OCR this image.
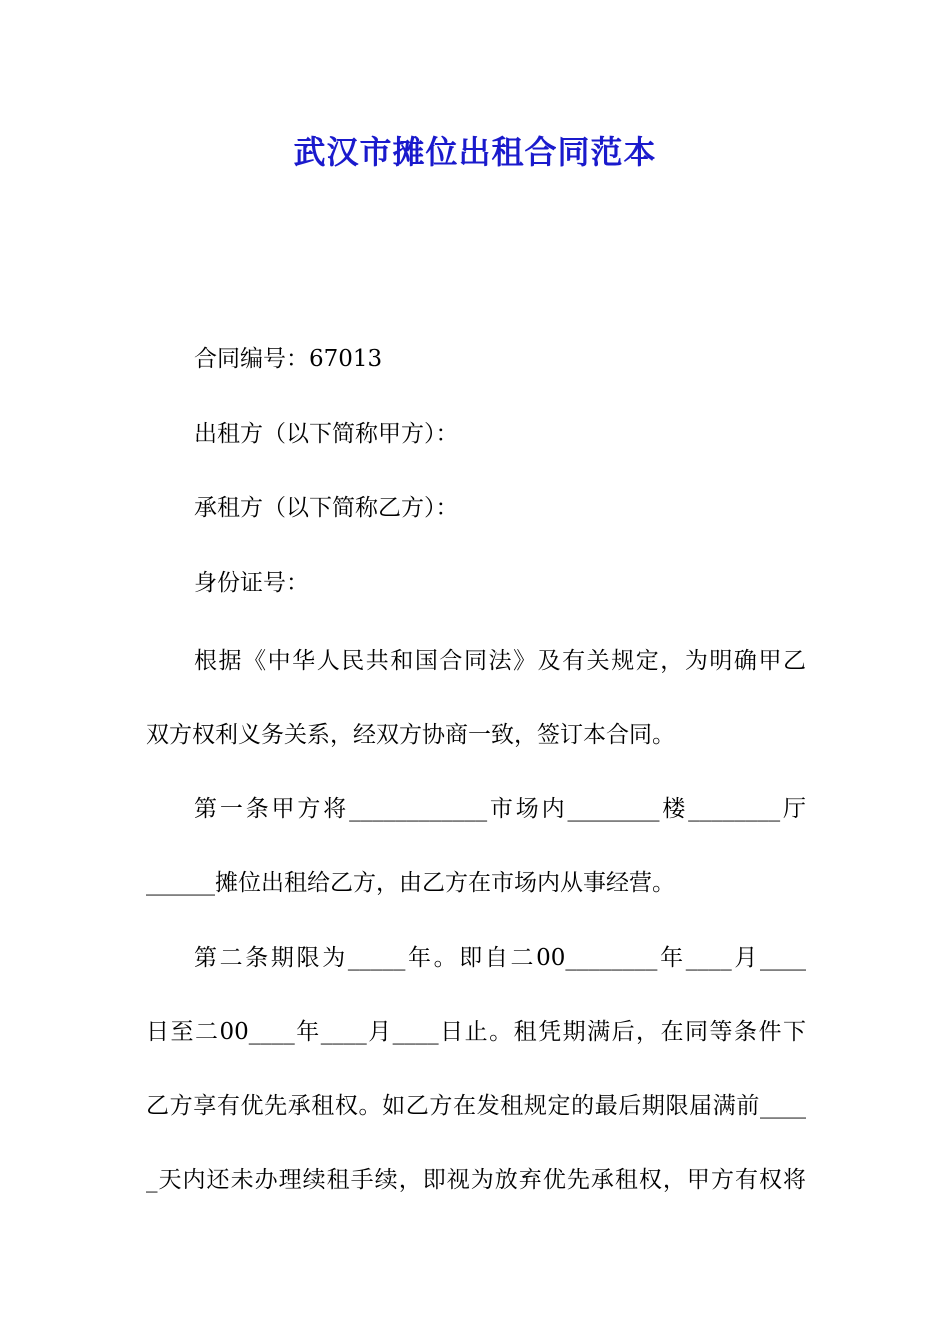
武汉市摊位出租合同范本

合同编号：67013

出租方（以下简称甲方）：

承租方（以下简称乙方）：

身份证号：

根据《中华人民共和国合同法》及有关规定，为明确甲乙

双方权利义务关系，经双方协商一致，签订本合同。

第一条甲方将____________市场内________楼________厅

______摊位出租给乙方，由乙方在市场内从事经营。

第二条期限为_____年。即自二00________年____月____

日至二00____年____月____日止。租凭期满后，在同等条件下

乙方享有优先承租权。如乙方在发租规定的最后期限届满前____

_天内还未办理续租手续，即视为放弃优先承租权，甲方有权将
